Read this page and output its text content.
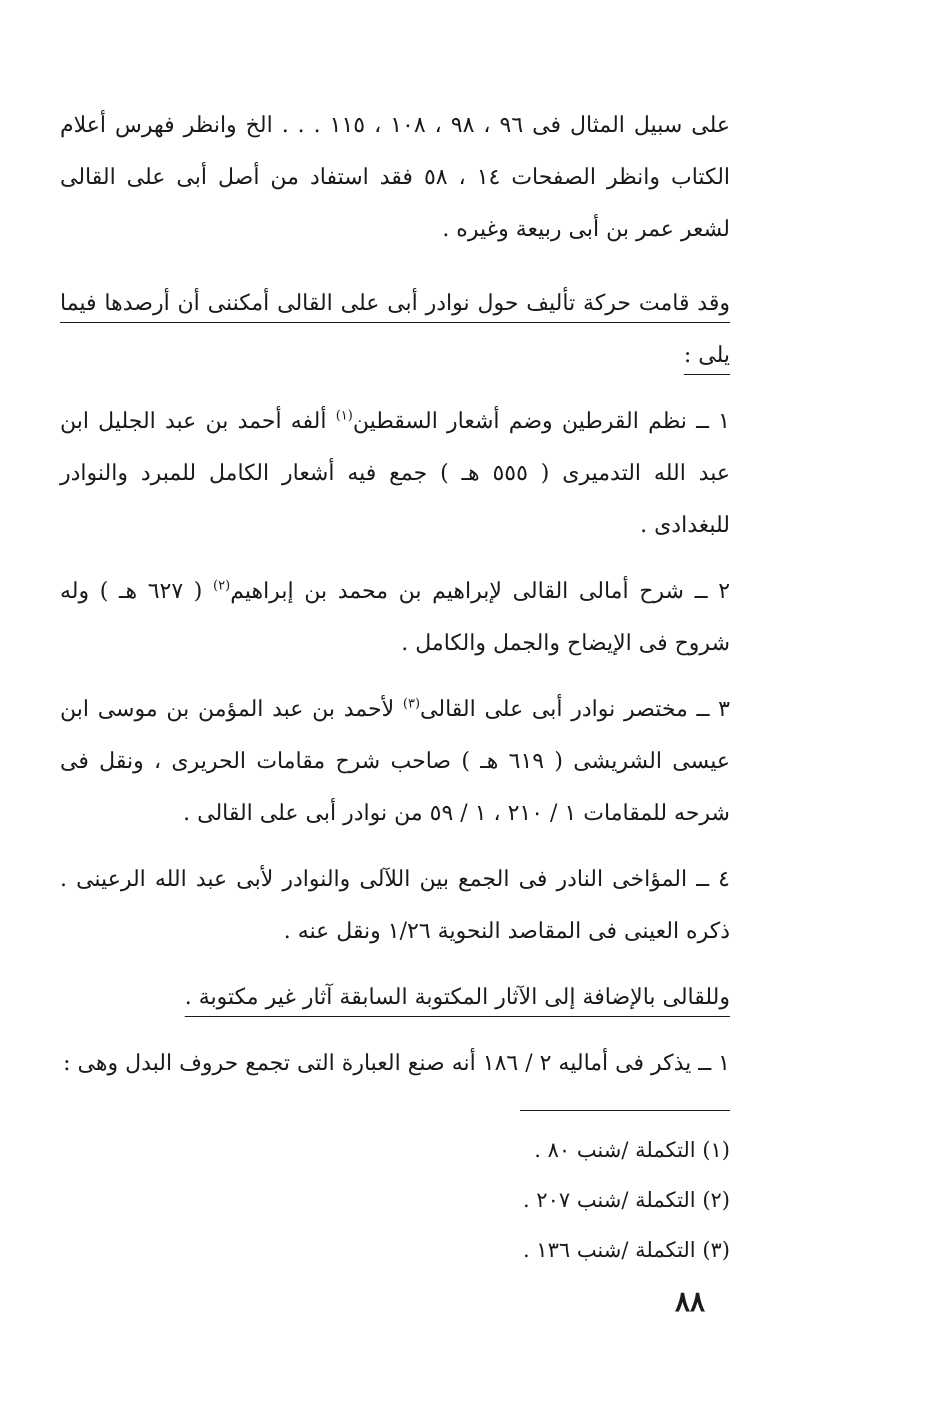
على سبيل المثال فى ٩٦ ، ٩٨ ، ١٠٨ ، ١١٥ . . . الخ وانظر فهرس أعلام الكتاب وانظر الصفحات ١٤ ، ٥٨ فقد استفاد من أصل أبى على القالى لشعر عمر بن أبى ربيعة وغيره .

وقد قامت حركة تأليف حول نوادر أبى على القالى أمكننى أن أرصدها فيما يلى :

١ ــ نظم القرطين وضم أشعار السقطين$^{(١)}$ ألفه أحمد بن عبد الجليل ابن عبد الله التدميرى ( ٥٥٥ هـ ) جمع فيه أشعار الكامل للمبرد والنوادر للبغدادى .

٢ ــ شرح أمالى القالى لإبراهيم بن محمد بن إبراهيم$^{(٢)}$ ( ٦٢٧ هـ ) وله شروح فى الإيضاح والجمل والكامل .

٣ ــ مختصر نوادر أبى على القالى$^{(٣)}$ لأحمد بن عبد المؤمن بن موسى ابن عيسى الشريشى ( ٦١٩ هـ ) صاحب شرح مقامات الحريرى ، ونقل فى شرحه للمقامات ١ / ٢١٠ ، ١ / ٥٩ من نوادر أبى على القالى .

٤ ــ المؤاخى النادر فى الجمع بين اللآلى والنوادر لأبى عبد الله الرعينى . ذكره العينى فى المقاصد النحوية ١/٢٦ ونقل عنه .

وللقالى بالإضافة إلى الآثار المكتوبة السابقة آثار غير مكتوبة .

١ ــ يذكر فى أماليه ٢ / ١٨٦ أنه صنع العبارة التى تجمع حروف البدل وهى :

(١) التكملة /شنب ٨٠ .

(٢) التكملة /شنب ٢٠٧ .

(٣) التكملة /شنب ١٣٦ .

٨٨
